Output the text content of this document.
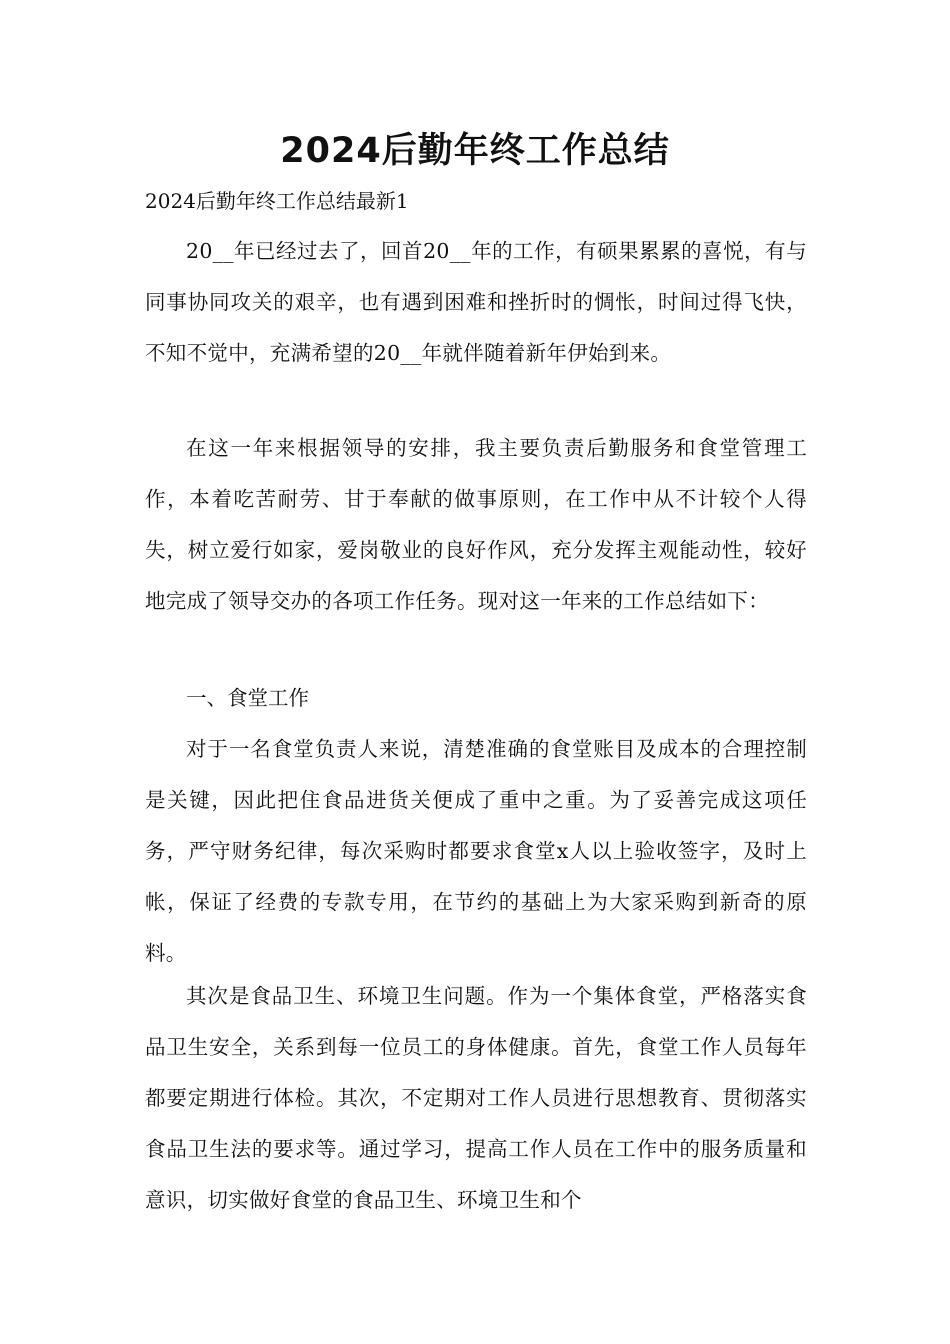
2024后勤年终工作总结
2024后勤年终工作总结最新1

20__年已经过去了，回首20__年的工作，有硕果累累的喜悦，有与同事协同攻关的艰辛，也有遇到困难和挫折时的惆怅，时间过得飞快，不知不觉中，充满希望的20__年就伴随着新年伊始到来。

在这一年来根据领导的安排，我主要负责后勤服务和食堂管理工作，本着吃苦耐劳、甘于奉献的做事原则，在工作中从不计较个人得失，树立爱行如家，爱岗敬业的良好作风，充分发挥主观能动性，较好地完成了领导交办的各项工作任务。现对这一年来的工作总结如下：

一、食堂工作

对于一名食堂负责人来说，清楚准确的食堂账目及成本的合理控制是关键，因此把住食品进货关便成了重中之重。为了妥善完成这项任务，严守财务纪律，每次采购时都要求食堂x人以上验收签字，及时上帐，保证了经费的专款专用，在节约的基础上为大家采购到新奇的原料。

其次是食品卫生、环境卫生问题。作为一个集体食堂，严格落实食品卫生安全，关系到每一位员工的身体健康。首先，食堂工作人员每年都要定期进行体检。其次，不定期对工作人员进行思想教育、贯彻落实食品卫生法的要求等。通过学习，提高工作人员在工作中的服务质量和意识，切实做好食堂的食品卫生、环境卫生和个
